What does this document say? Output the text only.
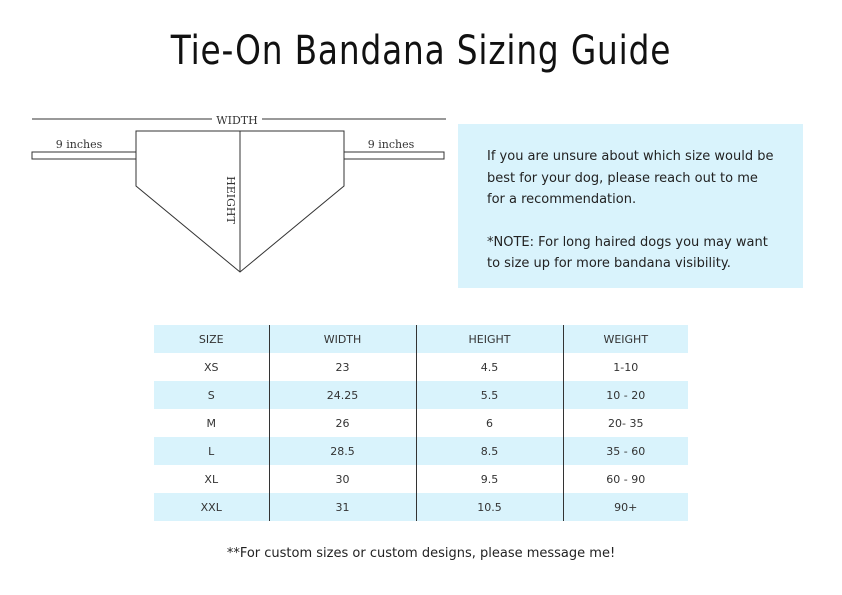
Tie-On Bandana Sizing Guide
WIDTH
9 inches	9 inches
HEIGHT

If you are unsure about which size would be best for your dog, please reach out to me for a recommendation.

*NOTE: For long haired dogs you may want to size up for more bandana visibility.

SIZE	WIDTH	HEIGHT	WEIGHT
XS	23	4.5	1-10
S	24.25	5.5	10 - 20
M	26	6	20- 35
L	28.5	8.5	35 - 60
XL	30	9.5	60 - 90
XXL	31	10.5	90+
**For custom sizes or custom designs, please message me!
